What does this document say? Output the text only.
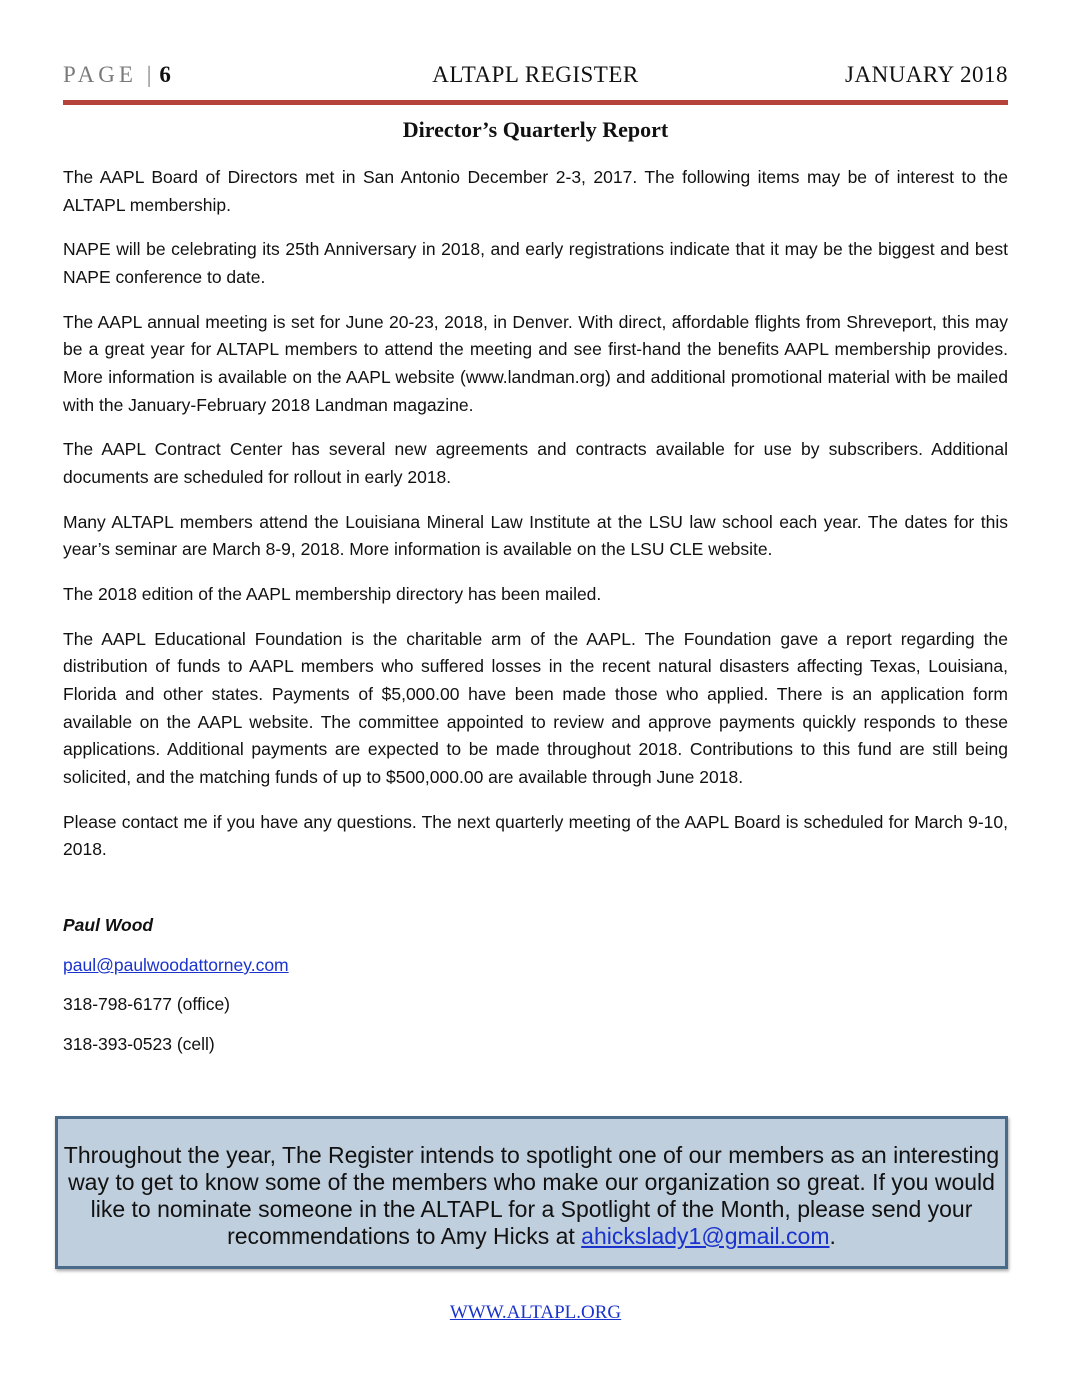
PAGE | 6	ALTAPL REGISTER	JANUARY 2018
Director’s Quarterly Report

The AAPL Board of Directors met in San Antonio December 2-3, 2017. The following items may be of interest to the ALTAPL membership.

NAPE will be celebrating its 25th Anniversary in 2018, and early registrations indicate that it may be the biggest and best NAPE conference to date.

The AAPL annual meeting is set for June 20-23, 2018, in Denver. With direct, affordable flights from Shreveport, this may be a great year for ALTAPL members to attend the meeting and see first-hand the benefits AAPL membership provides. More information is available on the AAPL website (www.landman.org) and additional promotional material with be mailed with the January-February 2018 Landman magazine.

The AAPL Contract Center has several new agreements and contracts available for use by subscribers. Additional documents are scheduled for rollout in early 2018.

Many ALTAPL members attend the Louisiana Mineral Law Institute at the LSU law school each year. The dates for this year’s seminar are March 8-9, 2018. More information is available on the LSU CLE website.

The 2018 edition of the AAPL membership directory has been mailed.

The AAPL Educational Foundation is the charitable arm of the AAPL. The Foundation gave a report regarding the distribution of funds to AAPL members who suffered losses in the recent natural disasters affecting Texas, Louisiana, Florida and other states. Payments of $5,000.00 have been made those who applied. There is an application form available on the AAPL website. The committee appointed to review and approve payments quickly responds to these applications. Additional payments are expected to be made throughout 2018. Contributions to this fund are still being solicited, and the matching funds of up to $500,000.00 are available through June 2018.

Please contact me if you have any questions. The next quarterly meeting of the AAPL Board is scheduled for March 9-10, 2018.

Paul Wood
paul@paulwoodattorney.com
318-798-6177 (office)
318-393-0523 (cell)
Throughout the year, The Register intends to spotlight one of our members as an interesting way to get to know some of the members who make our organization so great. If you would like to nominate someone in the ALTAPL for a Spotlight of the Month, please send your recommendations to Amy Hicks at ahickslady1@gmail.com.
WWW.ALTAPL.ORG
